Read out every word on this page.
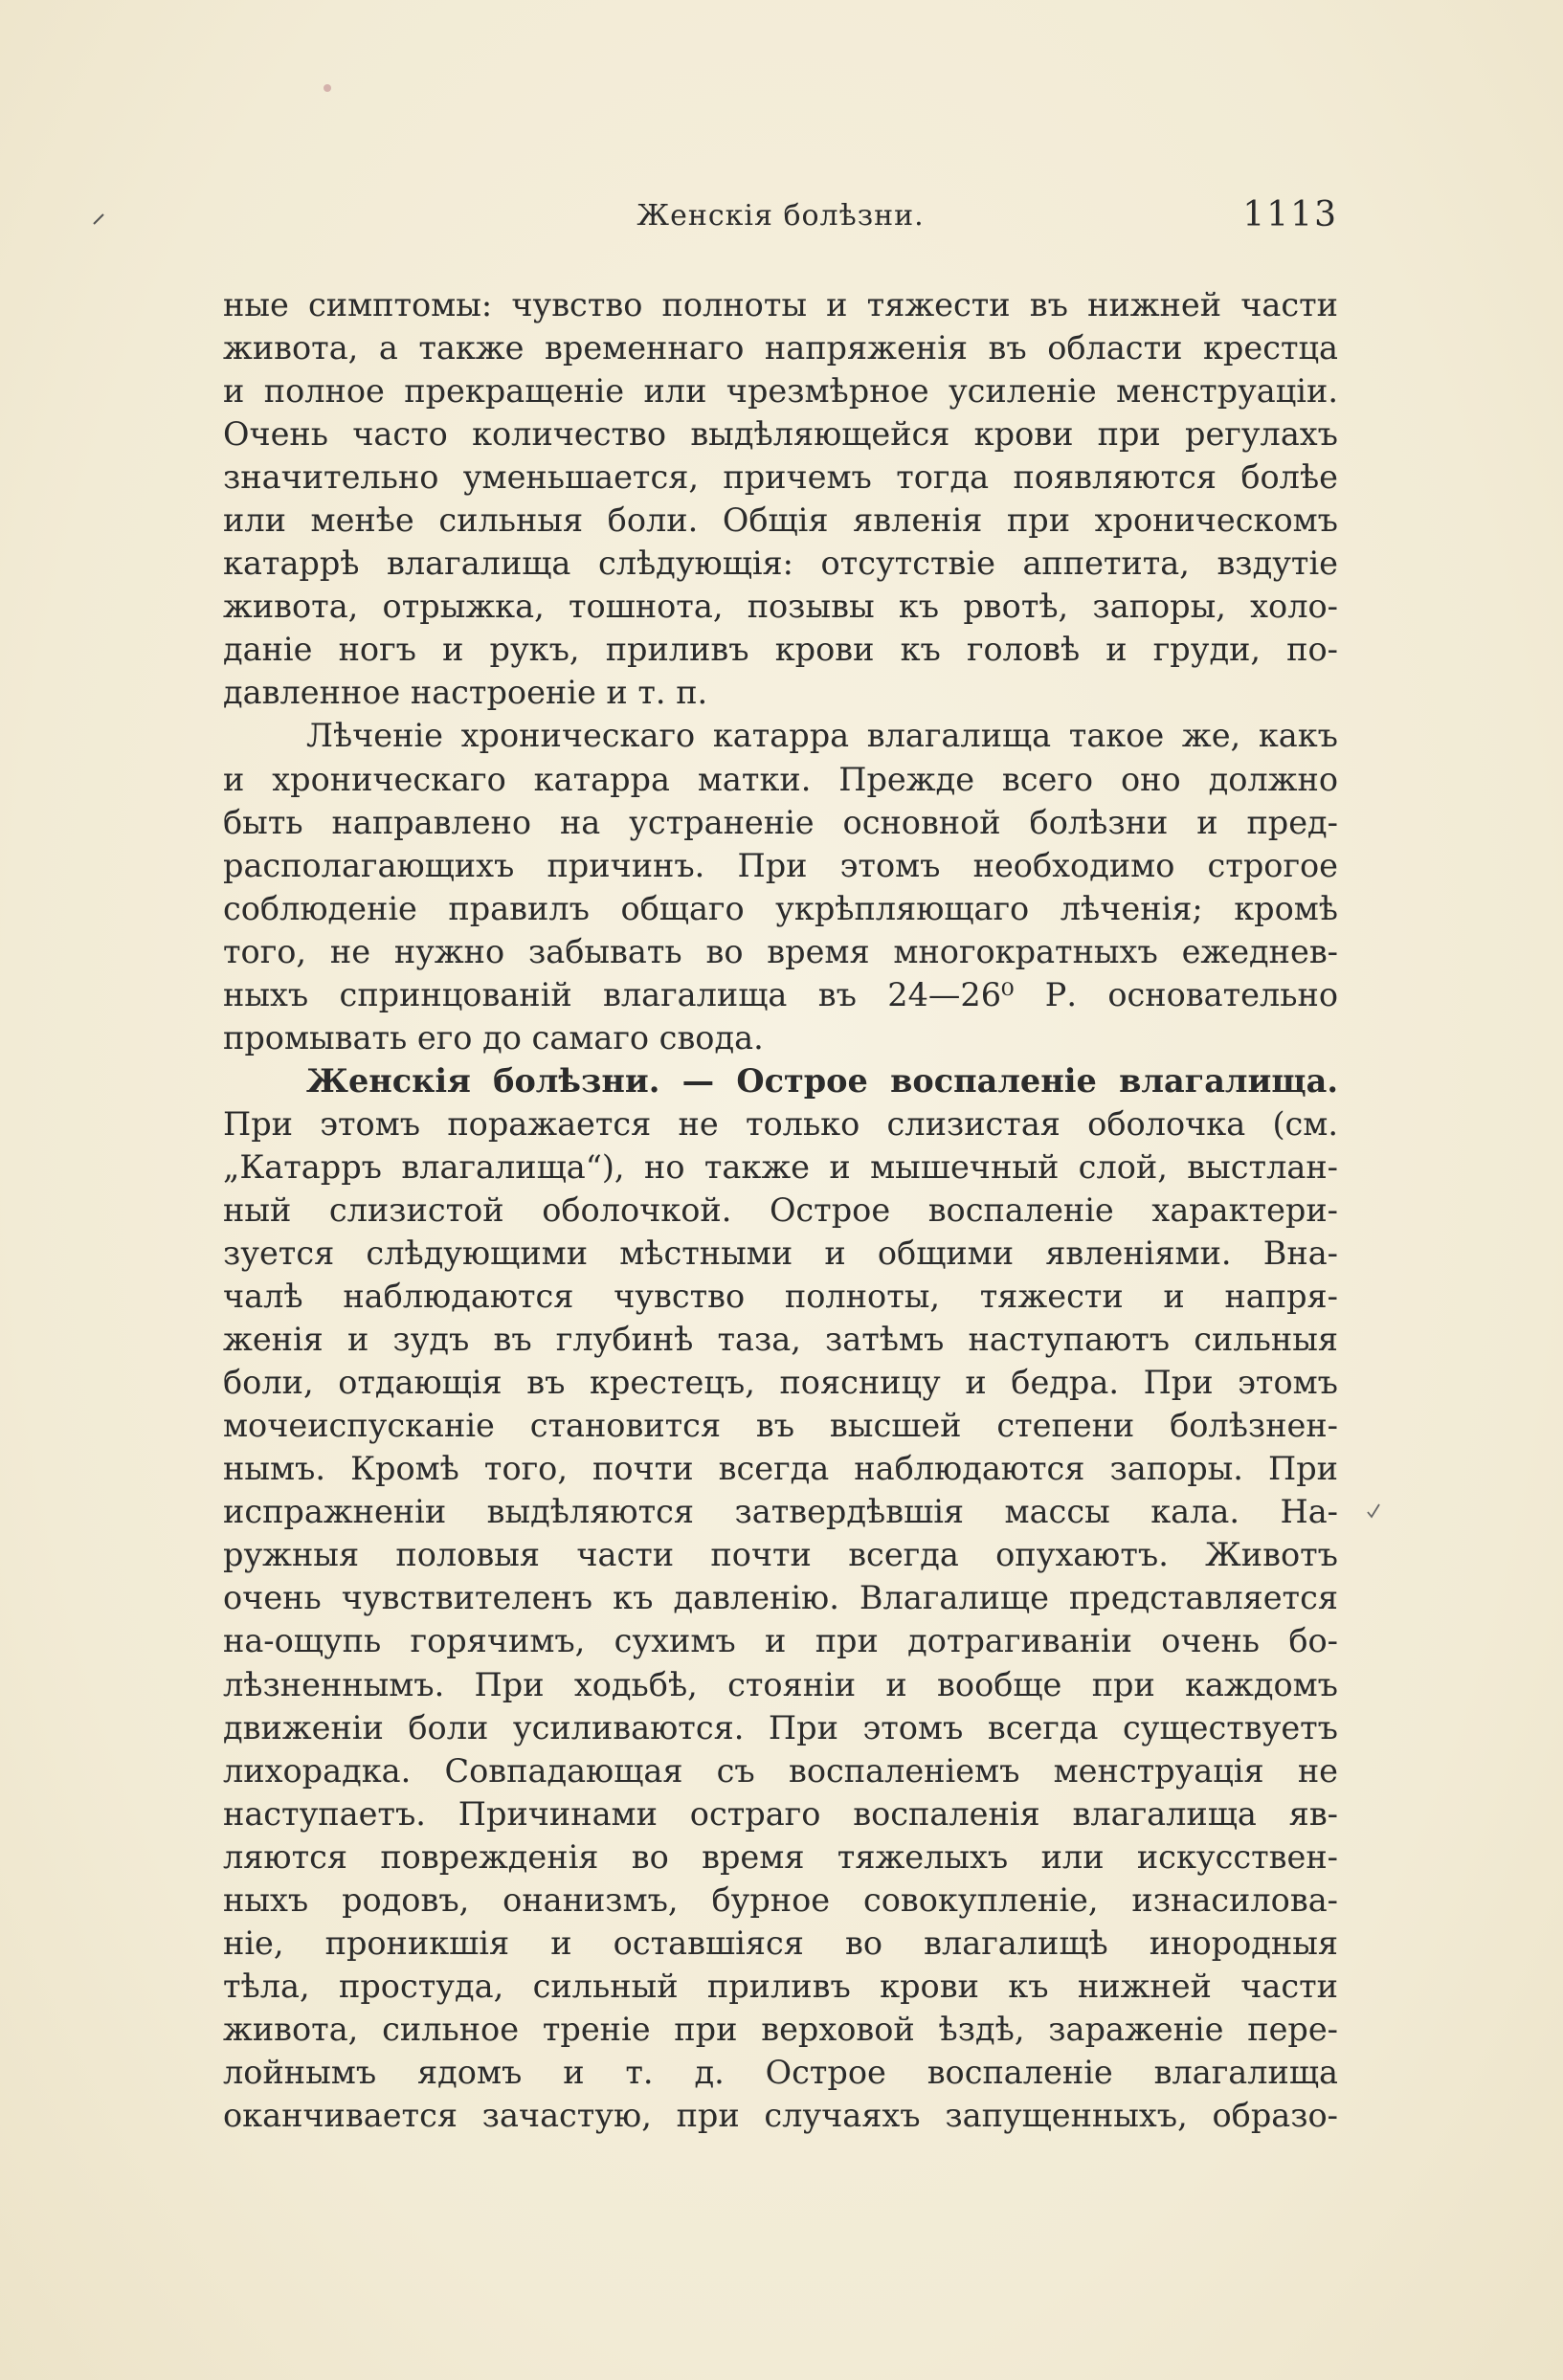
Женскія болѣзни.	1113
ные симптомы: чувство полноты и тяжести въ нижней части
живота, а также временнаго напряженія въ области крестца
и полное прекращеніе или чрезмѣрное усиленіе менструаціи.
Очень часто количество выдѣляющейся крови при регулахъ
значительно уменьшается, причемъ тогда появляются болѣе
или менѣе сильныя боли. Общія явленія при хроническомъ
катаррѣ влагалища слѣдующія: отсутствіе аппетита, вздутіе
живота, отрыжка, тошнота, позывы къ рвотѣ, запоры, холо-
даніе ногъ и рукъ, приливъ крови къ головѣ и груди, по-
давленное настроеніе и т. п.
Лѣченіе хроническаго катарра влагалища такое же, какъ
и хроническаго катарра матки. Прежде всего оно должно
быть направлено на устраненіе основной болѣзни и пред-
располагающихъ причинъ. При этомъ необходимо строгое
соблюденіе правилъ общаго укрѣпляющаго лѣченія; кромѣ
того, не нужно забывать во время многократныхъ ежеднев-
ныхъ спринцованій влагалища въ 24—26⁰ Р. основательно
промывать его до самаго свода.
Женскія болѣзни. — Острое воспаленіе влагалища.
При этомъ поражается не только слизистая оболочка (см.
„Катарръ влагалища“), но также и мышечный слой, выстлан-
ный слизистой оболочкой. Острое воспаленіе характери-
зуется слѣдующими мѣстными и общими явленіями. Вна-
чалѣ наблюдаются чувство полноты, тяжести и напря-
женія и зудъ въ глубинѣ таза, затѣмъ наступаютъ сильныя
боли, отдающія въ крестецъ, поясницу и бедра. При этомъ
мочеиспусканіе становится въ высшей степени болѣзнен-
нымъ. Кромѣ того, почти всегда наблюдаются запоры. При
испражненіи выдѣляются затвердѣвшія массы кала. На-
ружныя половыя части почти всегда опухаютъ. Животъ
очень чувствителенъ къ давленію. Влагалище представляется
на-ощупь горячимъ, сухимъ и при дотрагиваніи очень бо-
лѣзненнымъ. При ходьбѣ, стояніи и вообще при каждомъ
движеніи боли усиливаются. При этомъ всегда существуетъ
лихорадка. Совпадающая съ воспаленіемъ менструація не
наступаетъ. Причинами остраго воспаленія влагалища яв-
ляются поврежденія во время тяжелыхъ или искусствен-
ныхъ родовъ, онанизмъ, бурное совокупленіе, изнасилова-
ніе, проникшія и оставшіяся во влагалищѣ инородныя
тѣла, простуда, сильный приливъ крови къ нижней части
живота, сильное треніе при верховой ѣздѣ, зараженіе пере-
лойнымъ ядомъ и т. д. Острое воспаленіе влагалища
оканчивается зачастую, при случаяхъ запущенныхъ, образо-
